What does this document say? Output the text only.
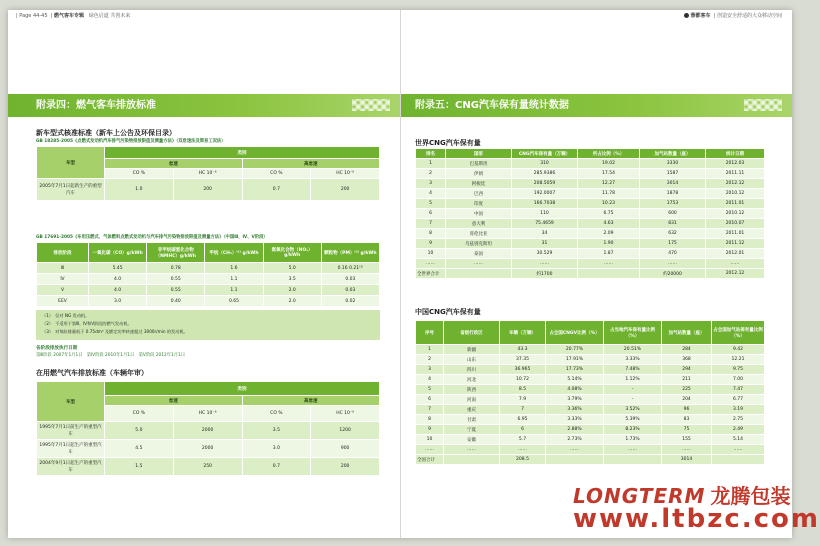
| Page 44-45  | 燃气客车专辑 绿色启道 共创未来
附录四：燃气客车排放标准
新车型式核准标准（新车上公告及环保目录）
GB 18285-2005《点燃式发动机汽车排气污染物排放限值及测量方法》（双怠速法及简易工况法）
车型	类别			
	怠速		高怠速	
	CO %	HC 10⁻⁶	CO %	HC 10⁻⁶
2005年7月1日起新生产的重型汽车	1.0	200	0.7	200
GB 17691-2005《车用压燃式、气体燃料点燃式发动机与汽车排气污染物排放限值及测量方法》（中国Ⅲ、Ⅳ、Ⅴ阶段）
排放阶段	一氧化碳（CO）g/kWh	非甲烷碳氢化合物（NMHC）g/kWh	甲烷（CH₄）⁽¹⁾ g/kWh	氮氧化合物（NOₓ）g/kWh	颗粒物（PM）⁽²⁾ g/kWh
Ⅲ	5.45	0.78	1.6	5.0	0.16 0.21⁽³⁾
Ⅳ	4.0	0.55	1.1	3.5	0.03
Ⅴ	4.0	0.55	1.1	2.0	0.03
EEV	3.0	0.40	0.65	2.0	0.02
（1）　仅对 NG 发动机。
（2）　不适用于第Ⅲ、Ⅳ和Ⅴ阶段的燃气发动机。
（3）　对每缸排量低于 0.75dm³ 及额定功率转速超过 3000r/min 的发动机。
各阶段排放执行日期
第Ⅲ阶段 2007年1月1日　第Ⅳ阶段 2010年1月1日　第Ⅴ阶段 2012年1月1日
在用燃气汽车排放标准（车辆年审）
车型	类别			
	怠速		高怠速	
	CO %	HC 10⁻⁶	CO %	HC 10⁻⁶
1995年7月1日前生产的重型汽车	5.0	2000	3.5	1200
1995年7月1日起生产的重型汽车	4.5	2000	3.0	900
2004年9月1日起生产的重型汽车	1.5	250	0.7	200
蓉都客车  | 创造安全舒适的大众移动空间
附录五：CNG汽车保有量统计数据
世界CNG汽车保有量
排名	国家	CNG汽车保有量（万辆）	所占比例（%）	加气站数量（座）	统计日期
1	巴基斯坦	310	19.02	3330	2012.03
2	伊朗	285.9386	17.54	1587	2011.11
3	阿根廷	208.5059	12.27	3014	2012.12
4	巴西	192.0007	11.78	1878	2010.12
5	印度	166.7038	10.23	1753	2011.01
6	中国	110	6.75	600	2010.12
7	意大利	75.4659	4.63	831	2010.07
8	哥伦比亚	34	2.09	632	2011.01
9	乌兹别克斯坦	31	1.90	175	2011.12
10	泰国	30.529	1.87	470	2012.01
……	……	……	……	……	……
全世界合计		约1700		约20000	2012.12
中国CNG汽车保有量
序号	省级行政区	车辆（万辆）	占全国CNGV比例（%）	占当地汽车保有量比例（%）	加气站数量（座）	占全国加气站保有量比例（%）
1	新疆	43.3	20.77%	20.51%	284	9.42
2	山东	37.35	17.91%	3.33%	368	12.21
3	四川	36.965	17.73%	7.48%	294	9.75
4	河北	10.72	5.14%	1.12%	211	7.00
5	陕西	8.5	4.08%	-	225	7.47
6	河南	7.9	3.79%	-	204	6.77
7	重庆	7	3.36%	3.52%	96	3.19
8	甘肃	6.95	3.33%	5.39%	83	2.75
9	宁夏	6	2.88%	8.23%	75	2.49
10	安徽	5.7	2.73%	1.73%	155	5.14
……	……	……	……	……	……	……
全国合计		208.5			3014	
LONGTERM 龙腾包装
www.ltbzc.com
